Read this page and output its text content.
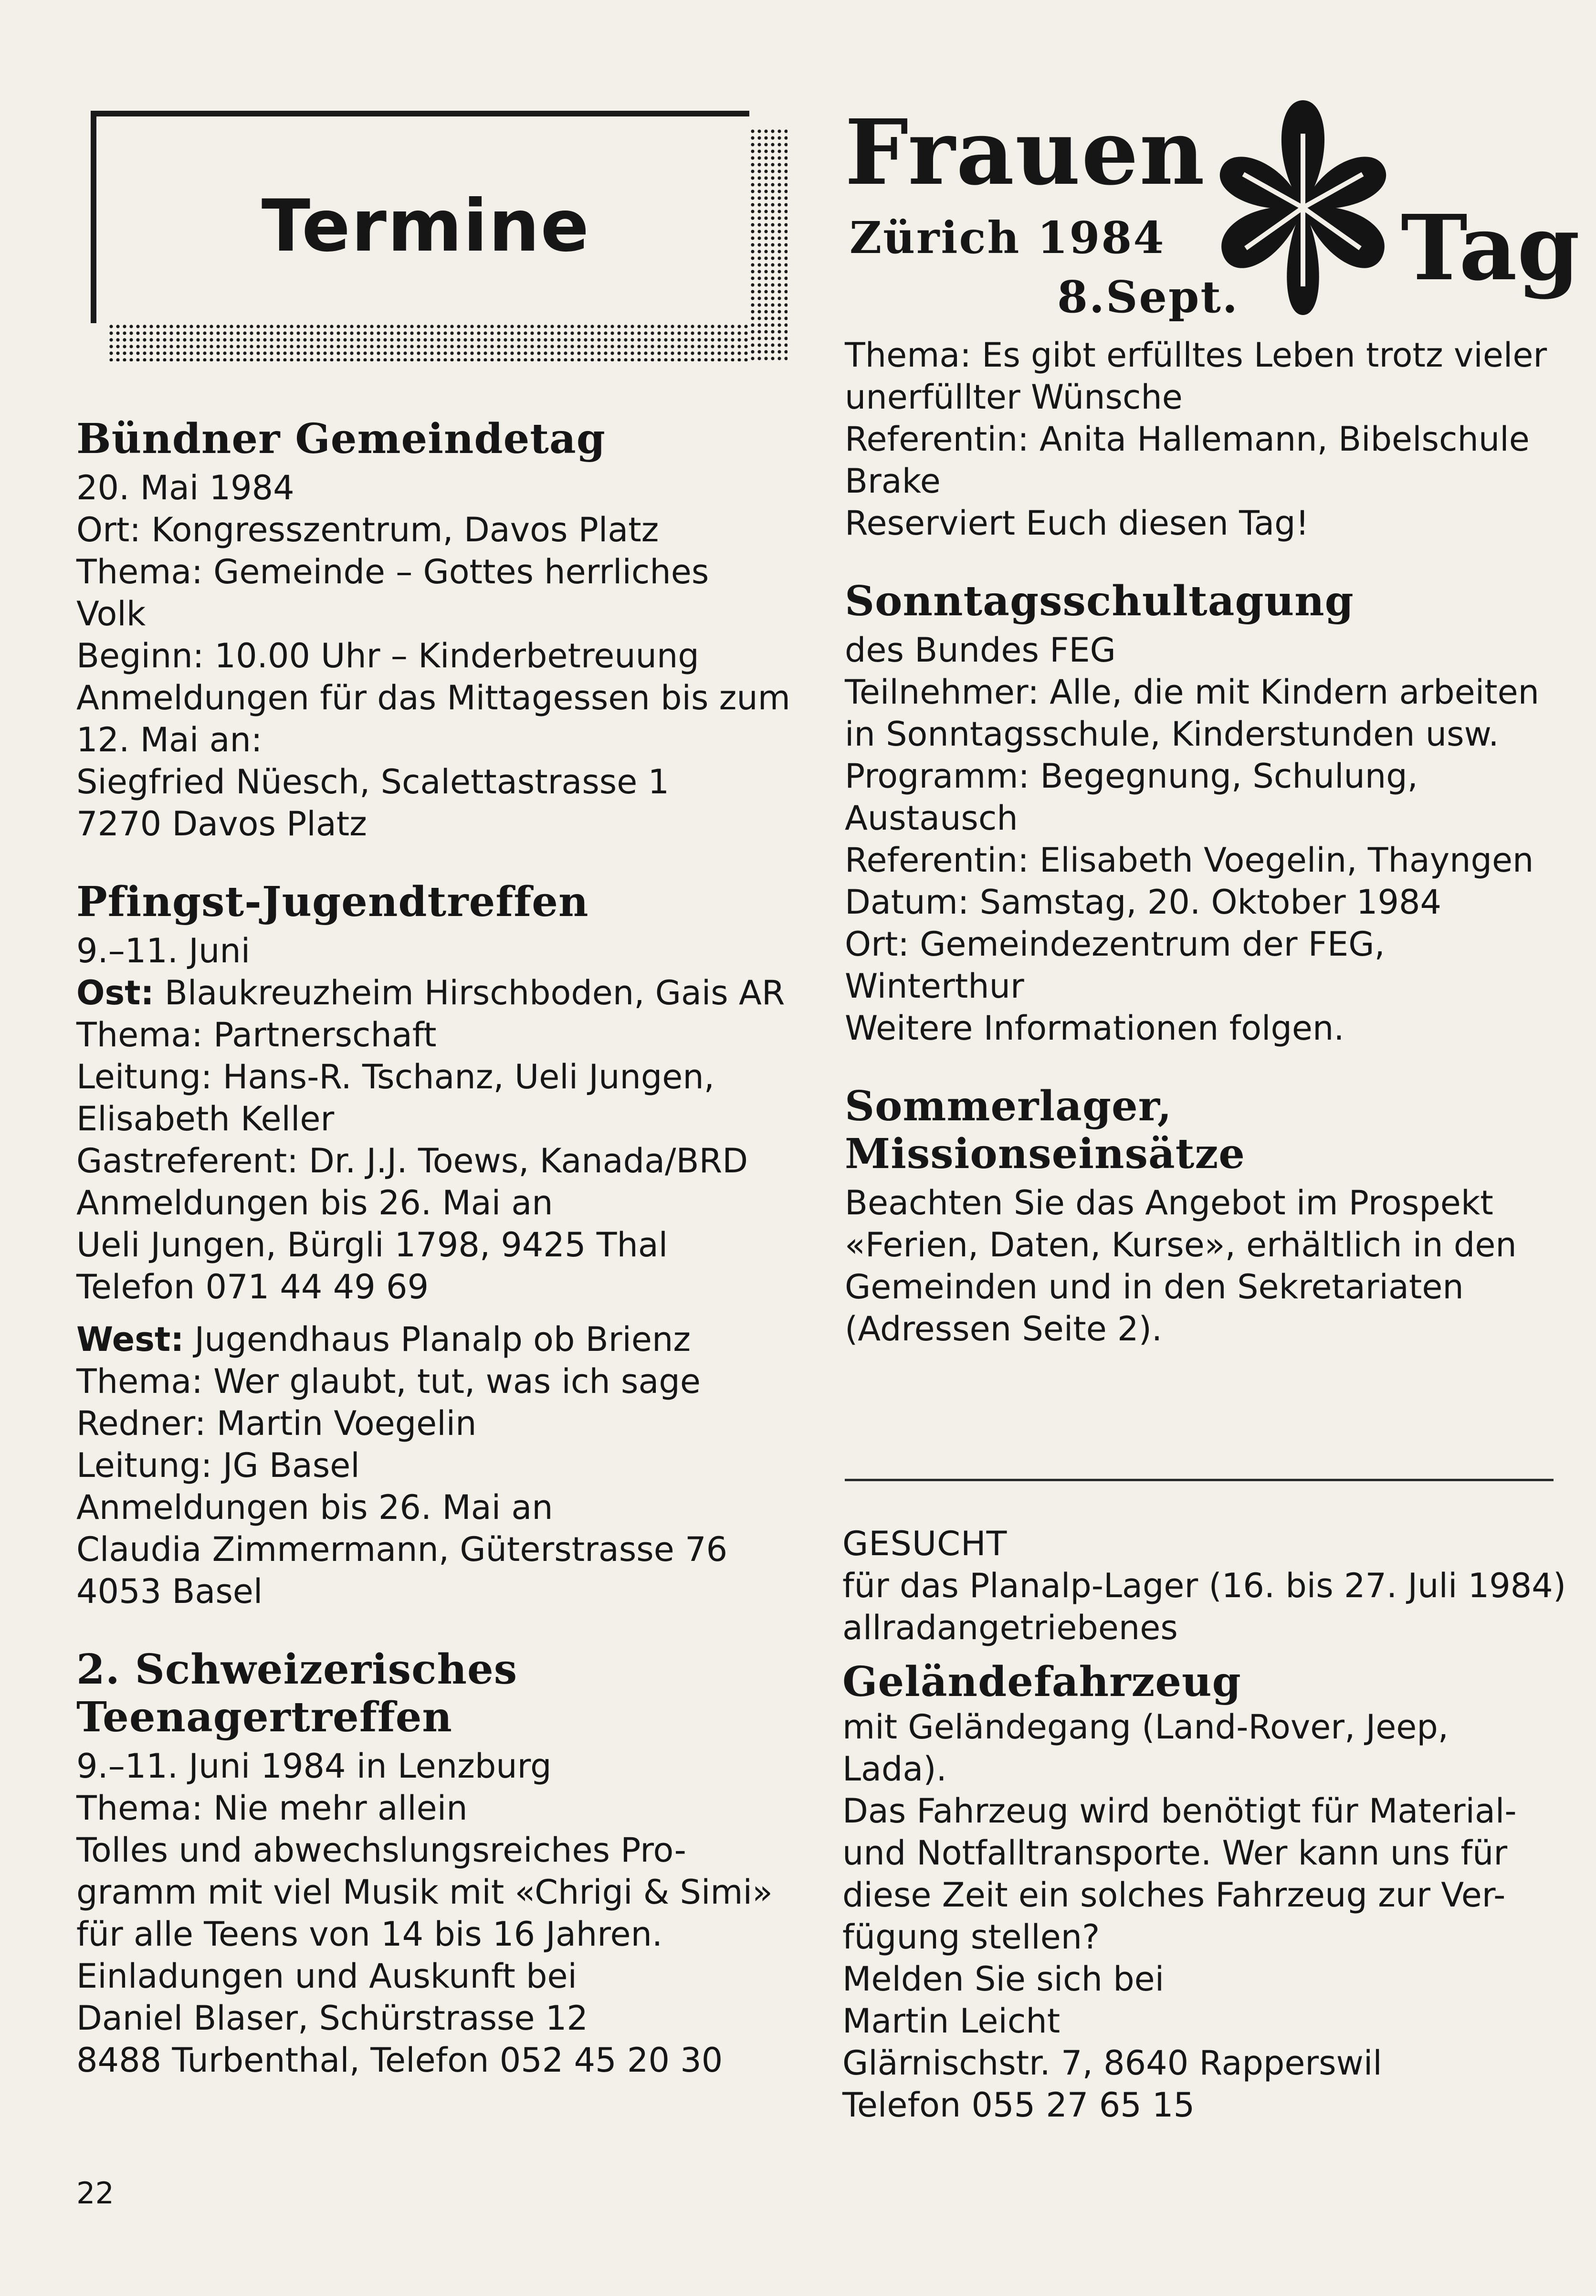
Termine
Frauen
Zürich 1984
8.Sept. Tag
Bündner Gemeindetag

20. Mai 1984

Ort: Kongresszentrum, Davos Platz

Thema: Gemeinde – Gottes herrliches

Volk

Beginn: 10.00 Uhr – Kinderbetreuung

Anmeldungen für das Mittagessen bis zum

12. Mai an:

Siegfried Nüesch, Scalettastrasse 1

7270 Davos Platz

Pfingst-Jugendtreffen

9.–11. Juni

Ost: Blaukreuzheim Hirschboden, Gais AR

Thema: Partnerschaft

Leitung: Hans-R. Tschanz, Ueli Jungen,

Elisabeth Keller

Gastreferent: Dr. J.J. Toews, Kanada/BRD

Anmeldungen bis 26. Mai an

Ueli Jungen, Bürgli 1798, 9425 Thal

Telefon 071 44 49 69

West: Jugendhaus Planalp ob Brienz

Thema: Wer glaubt, tut, was ich sage

Redner: Martin Voegelin

Leitung: JG Basel

Anmeldungen bis 26. Mai an

Claudia Zimmermann, Güterstrasse 76

4053 Basel

2. Schweizerisches
Teenagertreffen

9.–11. Juni 1984 in Lenzburg

Thema: Nie mehr allein

Tolles und abwechslungsreiches Pro-

gramm mit viel Musik mit «Chrigi & Simi»

für alle Teens von 14 bis 16 Jahren.

Einladungen und Auskunft bei

Daniel Blaser, Schürstrasse 12

8488 Turbenthal, Telefon 052 45 20 30

Thema: Es gibt erfülltes Leben trotz vieler

unerfüllter Wünsche

Referentin: Anita Hallemann, Bibelschule

Brake

Reserviert Euch diesen Tag!

Sonntagsschultagung

des Bundes FEG

Teilnehmer: Alle, die mit Kindern arbeiten

in Sonntagsschule, Kinderstunden usw.

Programm: Begegnung, Schulung,

Austausch

Referentin: Elisabeth Voegelin, Thayngen

Datum: Samstag, 20. Oktober 1984

Ort: Gemeindezentrum der FEG,

Winterthur

Weitere Informationen folgen.

Sommerlager,
Missionseinsätze

Beachten Sie das Angebot im Prospekt

«Ferien, Daten, Kurse», erhältlich in den

Gemeinden und in den Sekretariaten

(Adressen Seite 2).

GESUCHT

für das Planalp-Lager (16. bis 27. Juli 1984)

allradangetriebenes

Geländefahrzeug

mit Geländegang (Land-Rover, Jeep,

Lada).

Das Fahrzeug wird benötigt für Material-

und Notfalltransporte. Wer kann uns für

diese Zeit ein solches Fahrzeug zur Ver-

fügung stellen?

Melden Sie sich bei

Martin Leicht

Glärnischstr. 7, 8640 Rapperswil

Telefon 055 27 65 15

22
